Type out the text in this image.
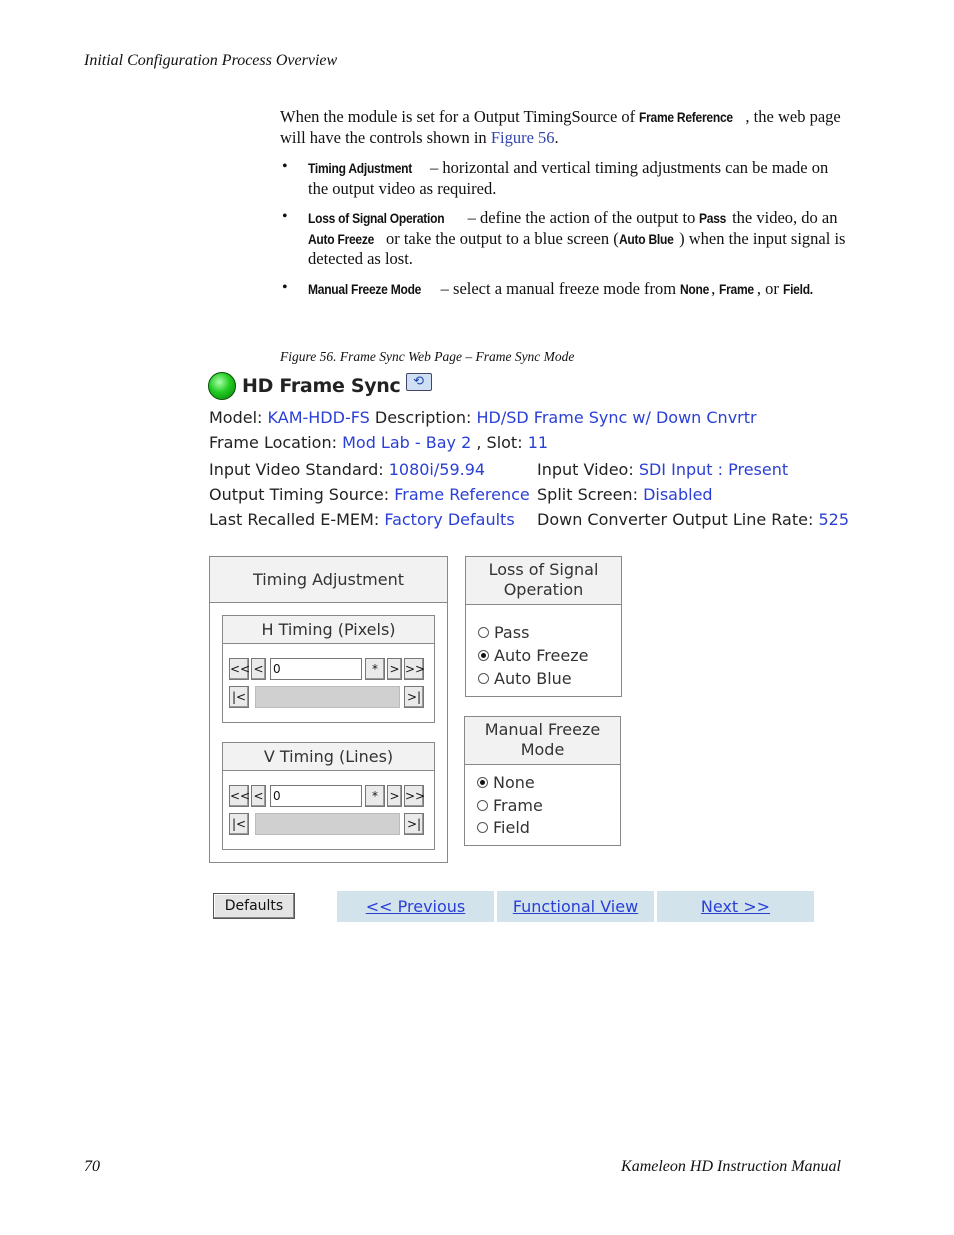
Initial Configuration Process Overview
When the module is set for a Output TimingSource of Frame Reference , the web page will have the controls shown in Figure 56.
• Timing Adjustment – horizontal and vertical timing adjustments can be made on the output video as required.
• Loss of Signal Operation – define the action of the output to Pass the video, do an Auto Freeze or take the output to a blue screen (Auto Blue ) when the input signal is detected as lost.
• Manual Freeze Mode – select a manual freeze mode from None , Frame , or Field.
Figure 56. Frame Sync Web Page – Frame Sync Mode
HD Frame Sync ⟲
Model: KAM-HDD-FS Description: HD/SD Frame Sync w/ Down Cnvrtr
Frame Location: Mod Lab - Bay 2 , Slot: 11
Input Video Standard: 1080i/59.94	Input Video: SDI Input : Present
Output Timing Source: Frame Reference Split Screen: Disabled
Last Recalled E-MEM: Factory Defaults Down Converter Output Line Rate: 525
Timing Adjustment
H Timing (Pixels)
<< < 0	* > >>
|<	>|
V Timing (Lines)
<< < 0	* > >>
|<	>|
Loss of Signal
Operation
Pass
Auto Freeze
Auto Blue
Manual Freeze
Mode
None
Frame
Field
Defaults	<< Previous	Functional View	Next >>
70	Kameleon HD Instruction Manual
